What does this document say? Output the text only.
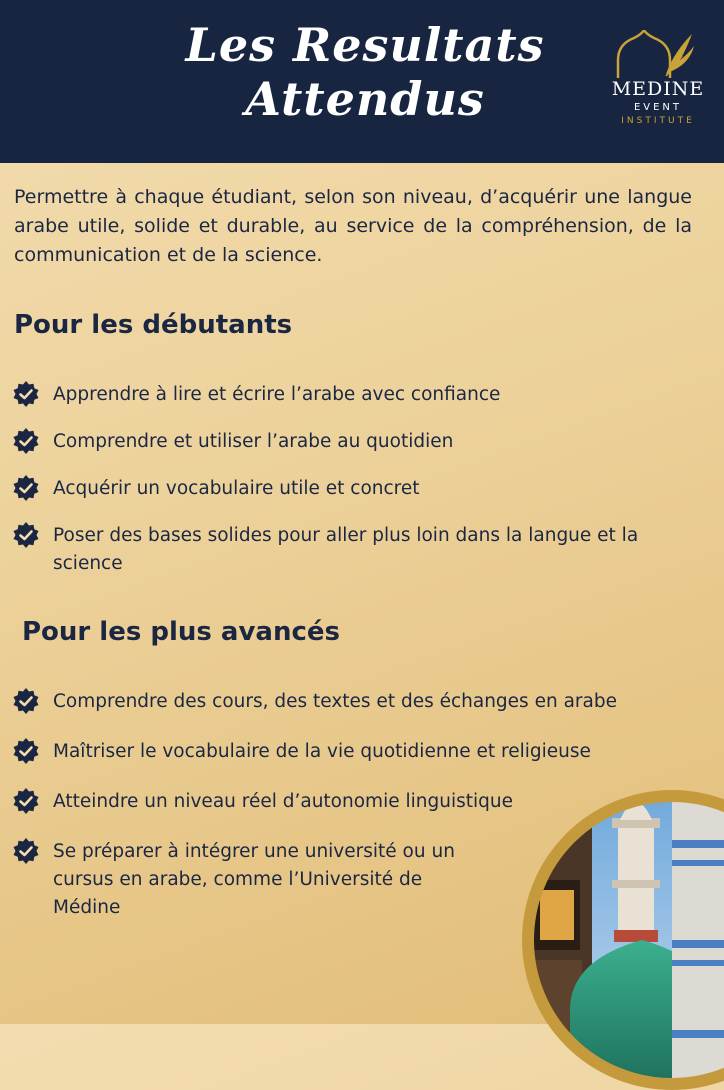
Les Resultats
Attendus	MEDINE
EVENT
INSTITUTE
Permettre à chaque étudiant, selon son niveau, d’acquérir une langue arabe utile, solide et durable, au service de la compréhension, de la communication et de la science.
Pour les débutants
Apprendre à lire et écrire l’arabe avec confiance
Comprendre et utiliser l’arabe au quotidien
Acquérir un vocabulaire utile et concret
Poser des bases solides pour aller plus loin dans la langue et la science
Pour les plus avancés
Comprendre des cours, des textes et des échanges en arabe
Maîtriser le vocabulaire de la vie quotidienne et religieuse
Atteindre un niveau réel d’autonomie linguistique
Se préparer à intégrer une université ou un cursus en arabe, comme l’Université de Médine
